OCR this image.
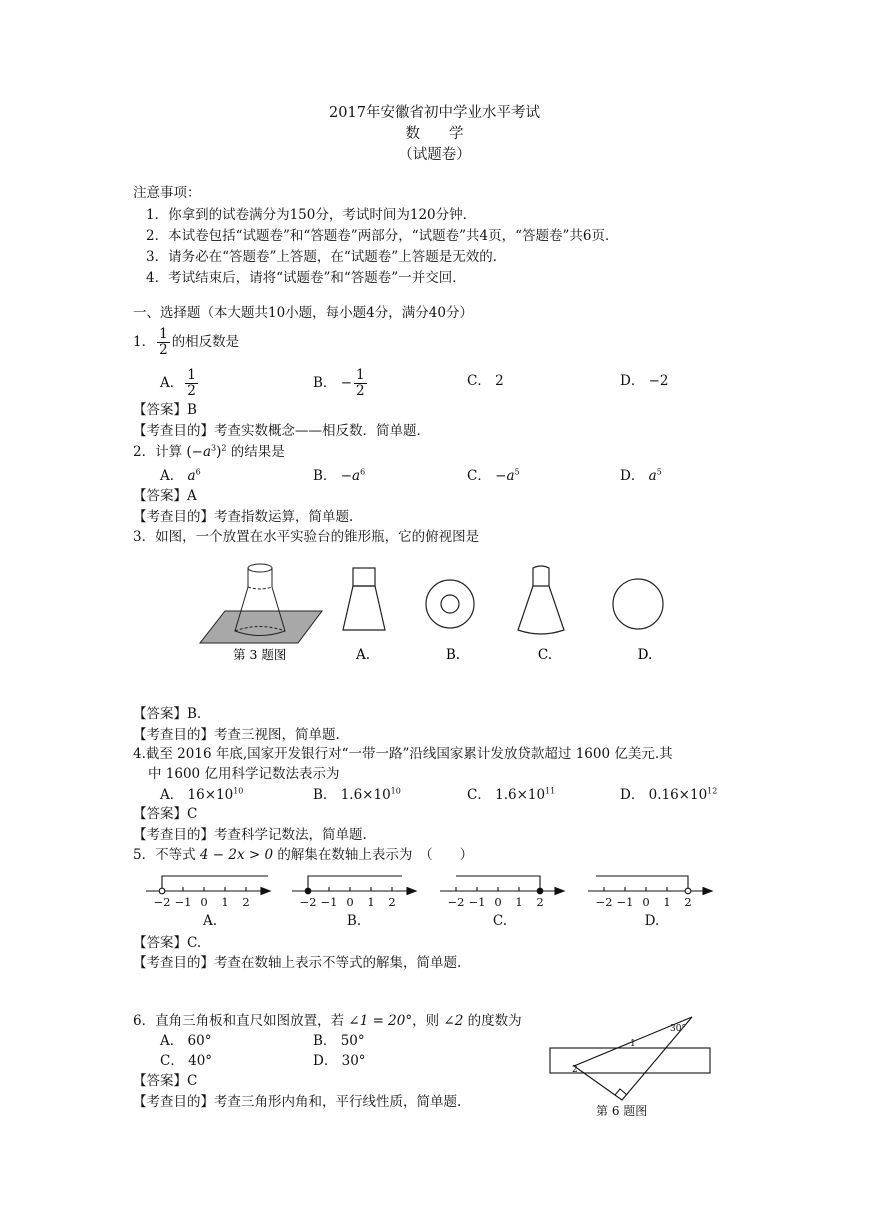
2017年安徽省初中学业水平考试
数　　学
（试题卷）
注意事项：
1．你拿到的试卷满分为150分，考试时间为120分钟．
2．本试卷包括“试题卷”和“答题卷”两部分，“试题卷”共4页，“答题卷”共6页．
3．请务必在“答题卷”上答题，在“试题卷”上答题是无效的．
4．考试结束后，请将“试题卷”和“答题卷”一并交回．
一、选择题（本大题共10小题，每小题4分，满分40分）
1． $\frac{1}{2}$ 的相反数是
A． $\frac{1}{2}$	B． − $\frac{1}{2}$	C． 2	D． −2
【答案】B
【考查目的】考查实数概念——相反数．简单题．
2．计算 $(-a^3)^2$ 的结果是
A． $a^6$	B． $-a^6$	C． $-a^5$	D． $a^5$
【答案】A
【考查目的】考查指数运算，简单题.
3．如图，一个放置在水平实验台的锥形瓶，它的俯视图是
第 3 题图	A.	B.	C.	D.
【答案】B.
【考查目的】考查三视图，简单题.
4.截至 2016 年底,国家开发银行对“一带一路”沿线国家累计发放贷款超过 1600 亿美元.其
中 1600 亿用科学记数法表示为
A． $16\times 10^{10}$	B． $1.6\times 10^{10}$	C． $1.6\times 10^{11}$	D． $0.16\times 10^{12}$
【答案】C
【考查目的】考查科学记数法，简单题.
5．不等式 4 − 2x > 0 的解集在数轴上表示为　（　　）
−2 −1 0 1 2	−2 −1 0 1 2	−2 −1 0 1 2	−2 −1 0 1 2
A.	B.	C.	D.
【答案】C.
【考查目的】考查在数轴上表示不等式的解集，简单题.
6．直角三角板和直尺如图放置，若 ∠1 = 20°，则 ∠2 的度数为
A． 60°	B． 50°
C． 40°	D． 30°
【答案】C
【考查目的】考查三角形内角和，平行线性质，简单题.
30°
1
2
第 6 题图
